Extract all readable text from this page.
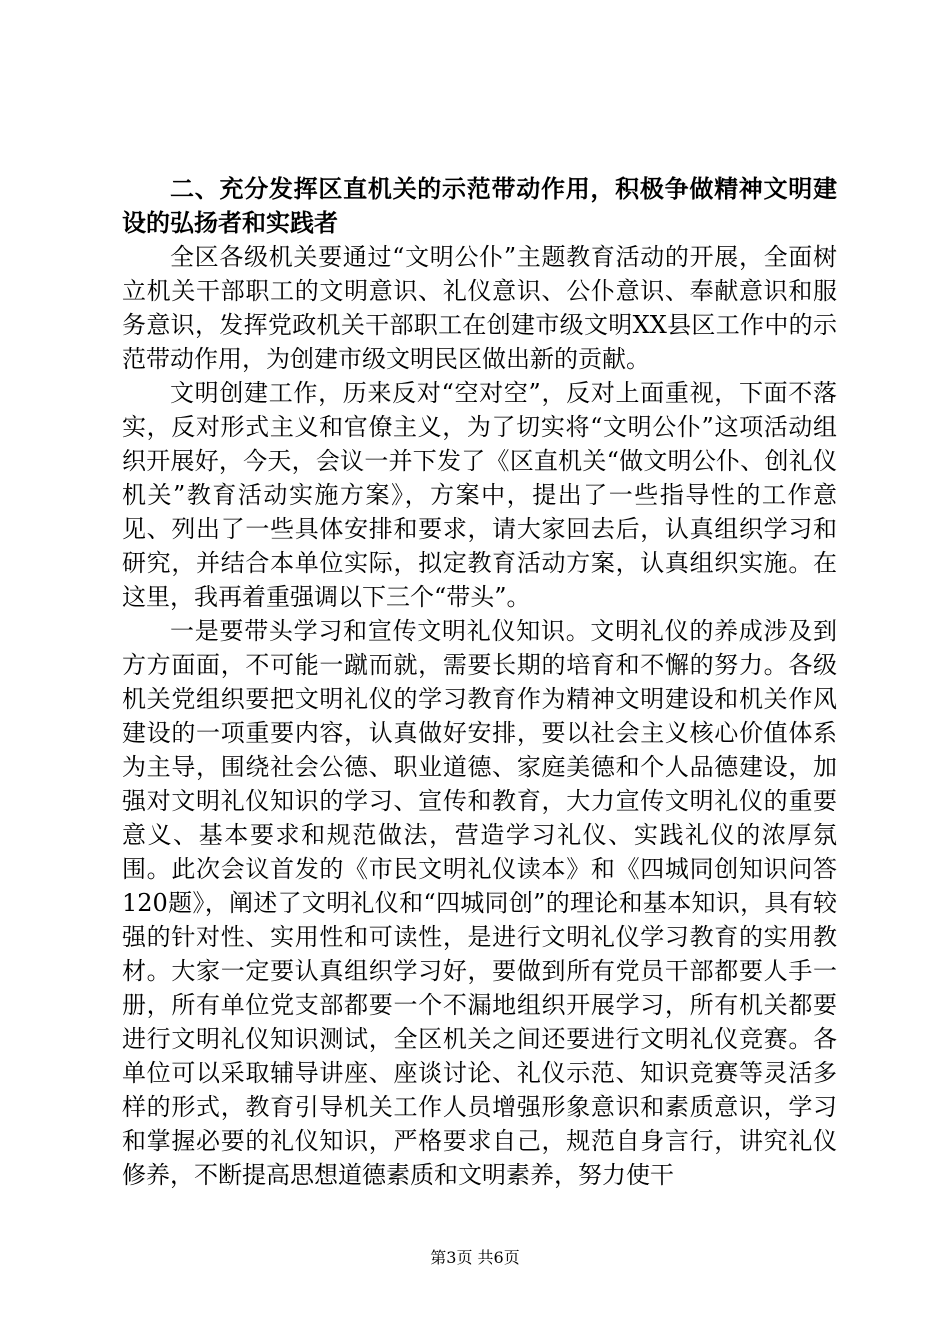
二、充分发挥区直机关的示范带动作用，积极争做精神文明建设的弘扬者和实践者

全区各级机关要通过“文明公仆”主题教育活动的开展，全面树立机关干部职工的文明意识、礼仪意识、公仆意识、奉献意识和服务意识，发挥党政机关干部职工在创建市级文明XX县区工作中的示范带动作用，为创建市级文明民区做出新的贡献。

文明创建工作，历来反对“空对空”，反对上面重视，下面不落实，反对形式主义和官僚主义，为了切实将“文明公仆”这项活动组织开展好，今天，会议一并下发了《区直机关“做文明公仆、创礼仪机关”教育活动实施方案》，方案中，提出了一些指导性的工作意见、列出了一些具体安排和要求，请大家回去后，认真组织学习和研究，并结合本单位实际，拟定教育活动方案，认真组织实施。在这里，我再着重强调以下三个“带头”。

一是要带头学习和宣传文明礼仪知识。文明礼仪的养成涉及到方方面面，不可能一蹴而就，需要长期的培育和不懈的努力。各级机关党组织要把文明礼仪的学习教育作为精神文明建设和机关作风建设的一项重要内容，认真做好安排，要以社会主义核心价值体系为主导，围绕社会公德、职业道德、家庭美德和个人品德建设，加强对文明礼仪知识的学习、宣传和教育，大力宣传文明礼仪的重要意义、基本要求和规范做法，营造学习礼仪、实践礼仪的浓厚氛围。此次会议首发的《市民文明礼仪读本》和《四城同创知识问答120题》，阐述了文明礼仪和“四城同创”的理论和基本知识，具有较强的针对性、实用性和可读性，是进行文明礼仪学习教育的实用教材。大家一定要认真组织学习好，要做到所有党员干部都要人手一册，所有单位党支部都要一个不漏地组织开展学习，所有机关都要进行文明礼仪知识测试，全区机关之间还要进行文明礼仪竞赛。各单位可以采取辅导讲座、座谈讨论、礼仪示范、知识竞赛等灵活多样的形式，教育引导机关工作人员增强形象意识和素质意识，学习和掌握必要的礼仪知识，严格要求自己，规范自身言行，讲究礼仪修养，不断提高思想道德素质和文明素养，努力使干

第3页 共6页
